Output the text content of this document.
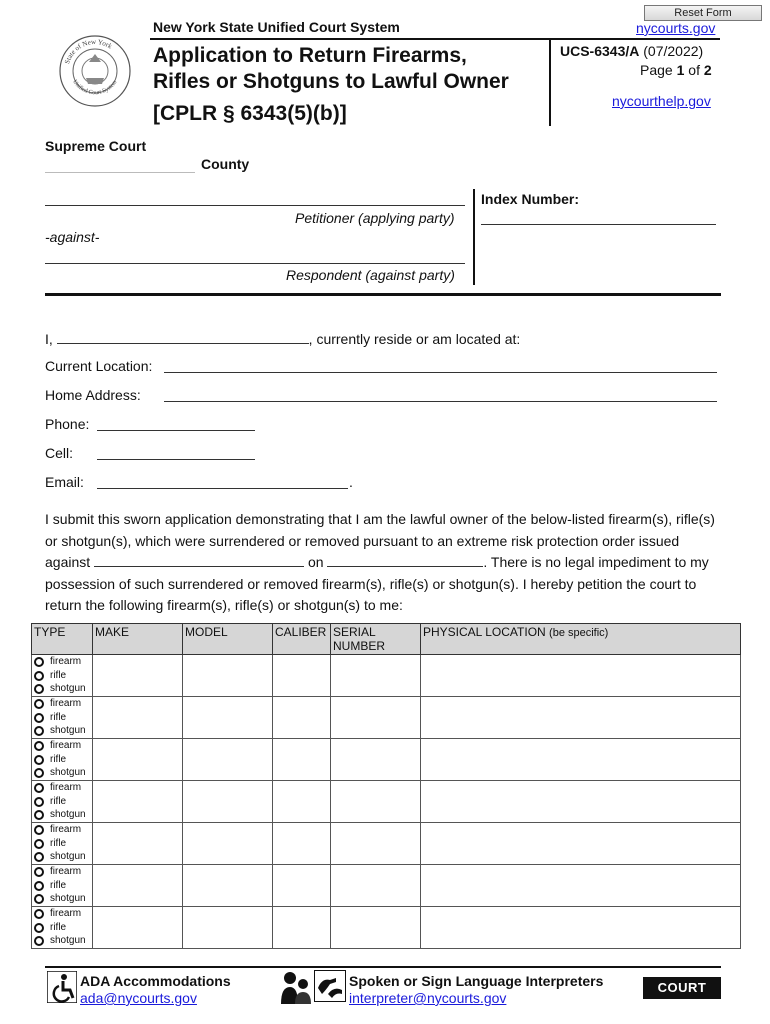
Reset Form
nycourts.gov
State of New York
Unified Court System
New York State Unified Court System
Application to Return Firearms,
Rifles or Shotguns to Lawful Owner
[CPLR § 6343(5)(b)]
UCS-6343/A (07/2022)
Page 1 of 2
nycourthelp.gov
Supreme Court
County
Petitioner (applying party)
-against-
Respondent (against party)
Index Number:
I,	, currently reside or am located at:
Current Location:
Home Address:
Phone:
Cell:
Email:	.
I submit this sworn application demonstrating that I am the lawful owner of the below-listed firearm(s), rifle(s) or shotgun(s), which were surrendered or removed pursuant to an extreme risk protection order issued against	on	. There is no legal impediment to my possession of such surrendered or removed firearm(s), rifle(s) or shotgun(s). I hereby petition the court to return the following firearm(s), rifle(s) or shotgun(s) to me:
TYPE	MAKE	MODEL	CALIBER	SERIAL NUMBER	PHYSICAL LOCATION (be specific)

firearm
rifle
shotgun					

firearm
rifle
shotgun					

firearm
rifle
shotgun					

firearm
rifle
shotgun					

firearm
rifle
shotgun					

firearm
rifle
shotgun					

firearm
rifle
shotgun					

ADA Accommodations
ada@nycourts.gov
Spoken or Sign Language Interpreters
interpreter@nycourts.gov
COURT Help
